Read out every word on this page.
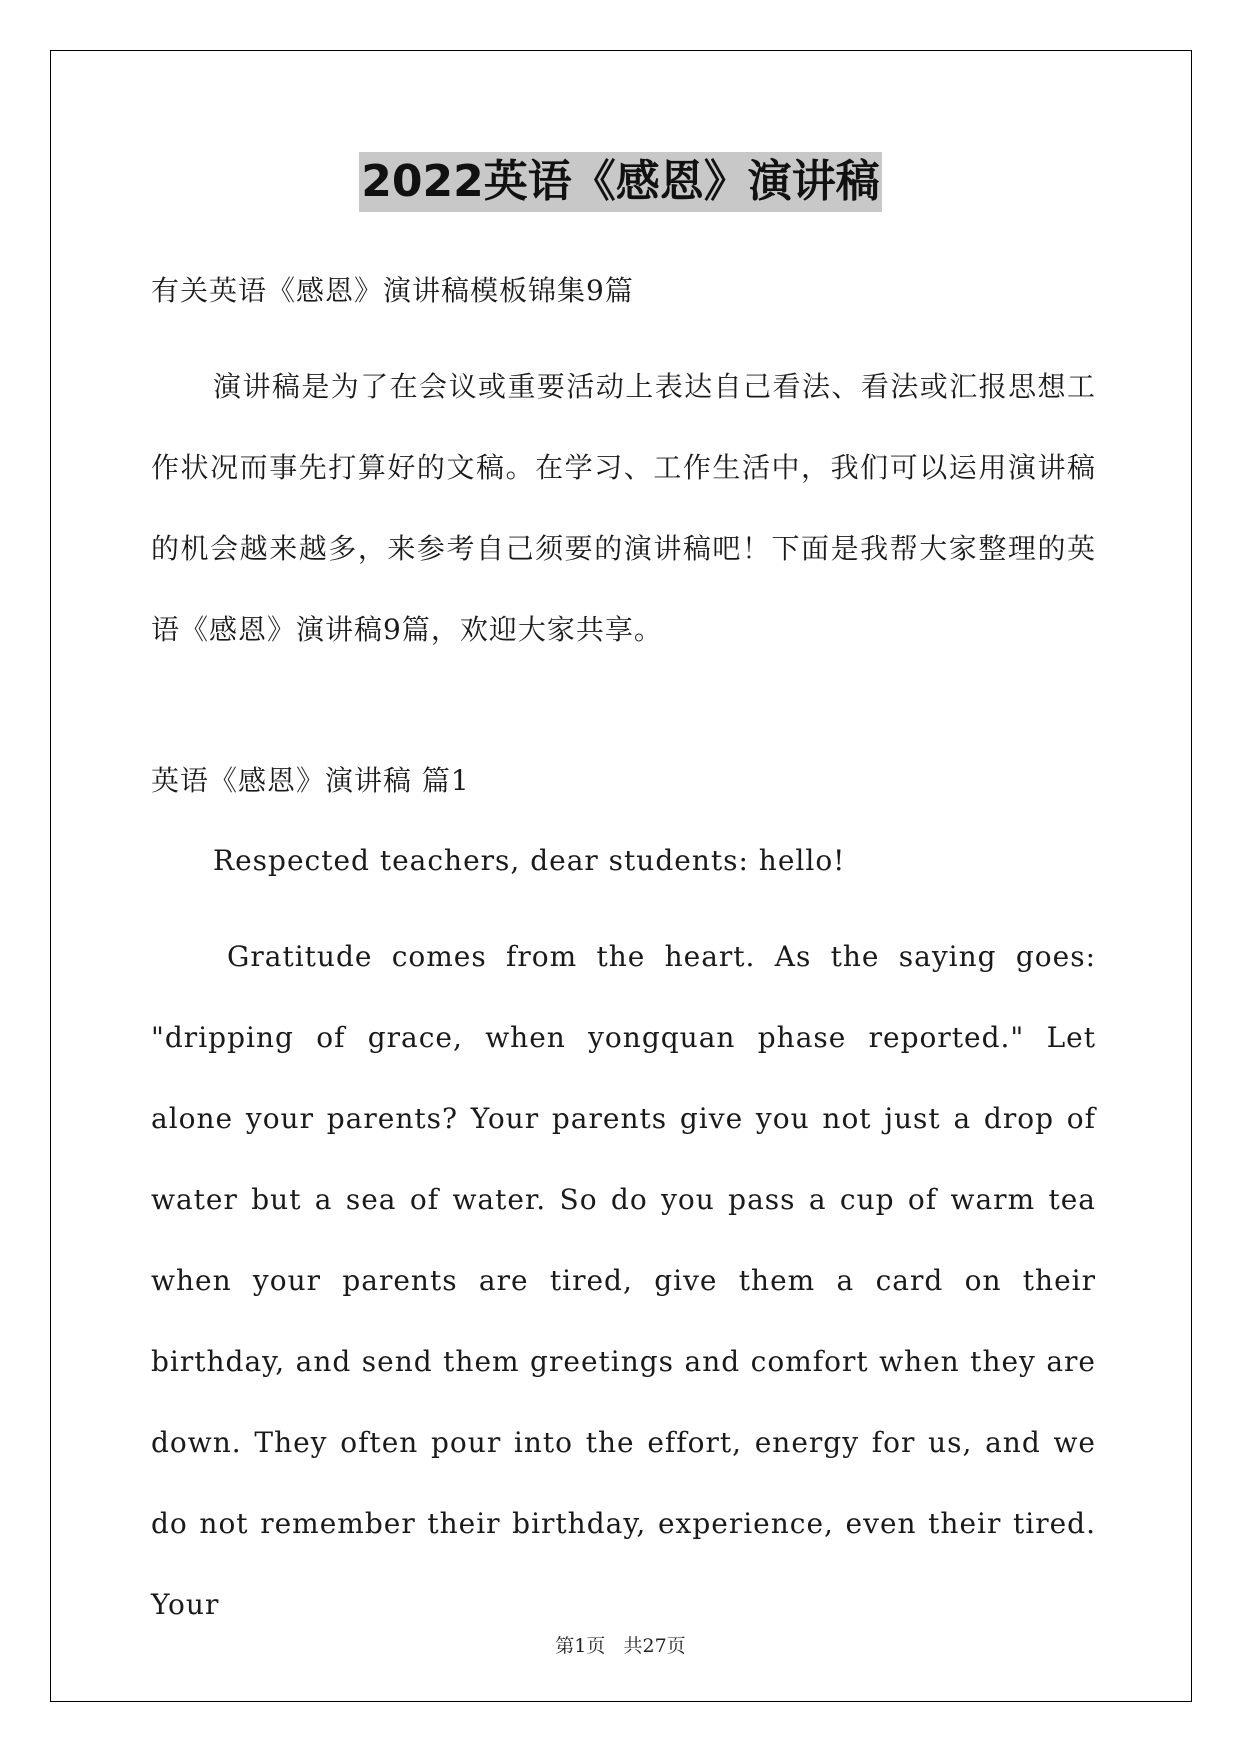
2022英语《感恩》演讲稿

有关英语《感恩》演讲稿模板锦集9篇

演讲稿是为了在会议或重要活动上表达自己看法、看法或汇报思想工作状况而事先打算好的文稿。在学习、工作生活中，我们可以运用演讲稿的机会越来越多，来参考自己须要的演讲稿吧！下面是我帮大家整理的英语《感恩》演讲稿9篇，欢迎大家共享。

英语《感恩》演讲稿 篇1

Respected teachers, dear students: hello!

Gratitude comes from the heart. As the saying goes: "dripping of grace, when yongquan phase reported." Let alone your parents? Your parents give you not just a drop of water but a sea of water. So do you pass a cup of warm tea when your parents are tired, give them a card on their birthday, and send them greetings and comfort when they are down. They often pour into the effort, energy for us, and we do not remember their birthday, experience, even their tired. Your

第1页   共27页
